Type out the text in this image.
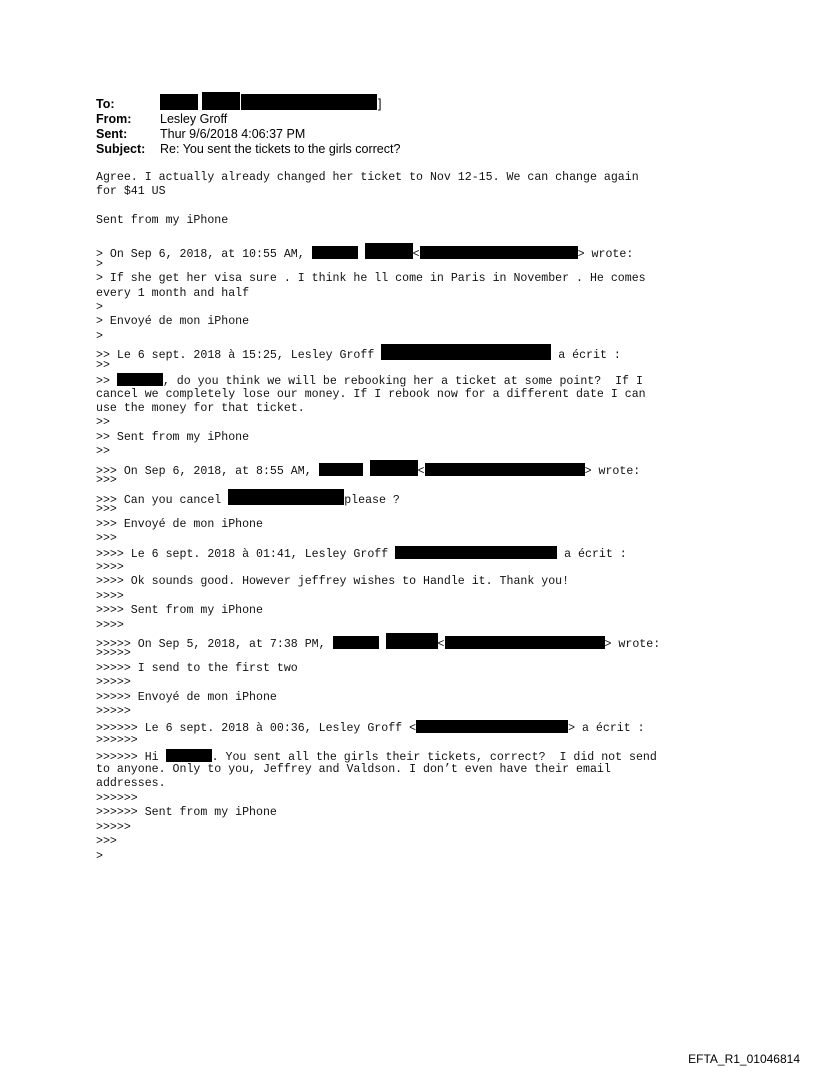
To:	]
From: Lesley Groff
Sent:	Thur 9/6/2018 4:06:37 PM
Subject: Re: You sent the tickets to the girls correct?
Agree. I actually already changed her ticket to Nov 12-15. We can change again
for $41 US
Sent from my iPhone
> On Sep 6, 2018, at 10:55 AM,	<	> wrote:
>
> If she get her visa sure . I think he ll come in Paris in November . He comes
every 1 month and half
>
> Envoyé de mon iPhone
>
>> Le 6 sept. 2018 à 15:25, Lesley Groff	a écrit :
>>
>>	, do you think we will be rebooking her a ticket at some point?  If I
cancel we completely lose our money. If I rebook now for a different date I can
use the money for that ticket.
>>
>> Sent from my iPhone
>>
>>> On Sep 6, 2018, at 8:55 AM,	<	> wrote:
>>>
>>> Can you cancel	please ?
>>>
>>> Envoyé de mon iPhone
>>>
>>>> Le 6 sept. 2018 à 01:41, Lesley Groff	a écrit :
>>>>
>>>> Ok sounds good. However jeffrey wishes to Handle it. Thank you!
>>>>
>>>> Sent from my iPhone
>>>>
>>>>> On Sep 5, 2018, at 7:38 PM,	<	> wrote:
>>>>>
>>>>> I send to the first two
>>>>>
>>>>> Envoyé de mon iPhone
>>>>>
>>>>>> Le 6 sept. 2018 à 00:36, Lesley Groff <	> a écrit :
>>>>>>
>>>>>> Hi	. You sent all the girls their tickets, correct?  I did not send
to anyone. Only to you, Jeffrey and Valdson. I don’t even have their email
addresses.
>>>>>>
>>>>>> Sent from my iPhone
>>>>>
>>>
>
EFTA_R1_01046814
